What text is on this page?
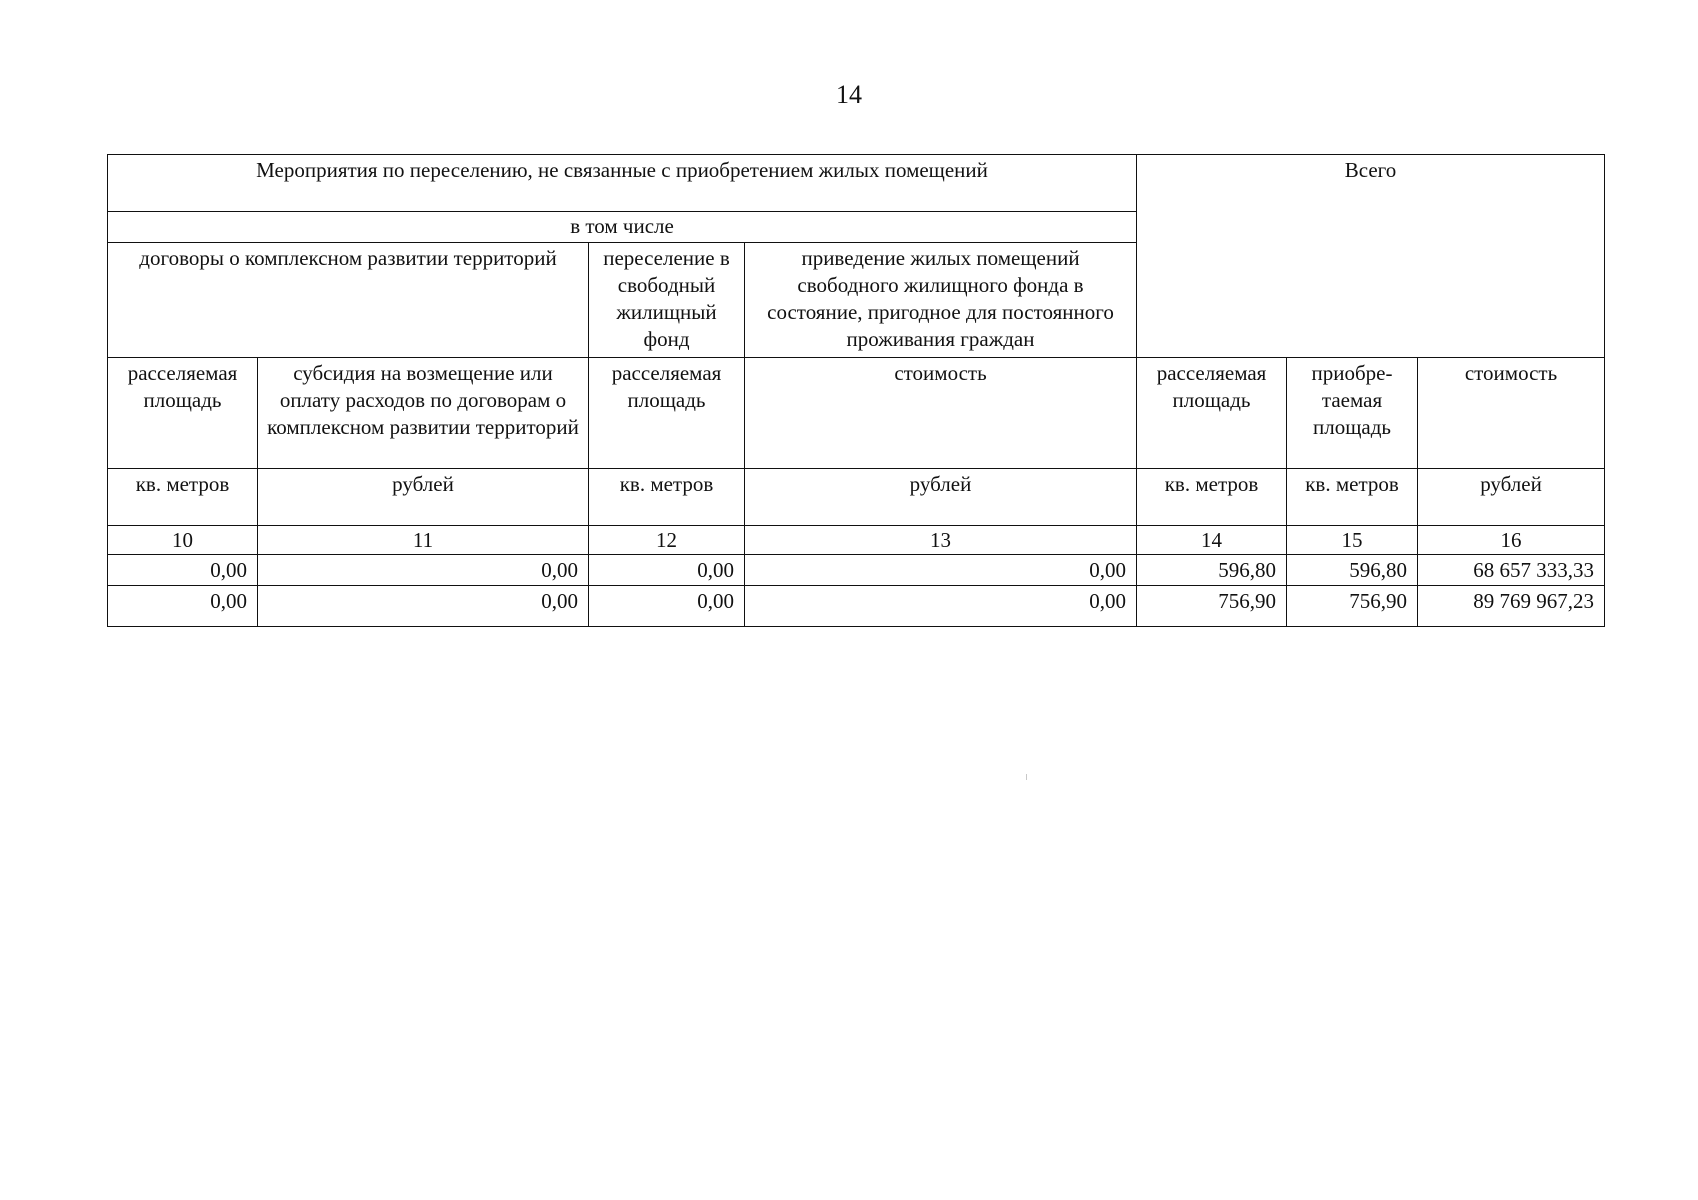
14
Мероприятия по переселению, не связанные с приобретением жилых помещений				Всего		
в том числе						
договоры о комплексном развитии территорий		переселение в свободный жилищный фонд	приведение жилых помещений свободного жилищного фонда в состояние, пригодное для постоянного проживания граждан			
расселяемая площадь	субсидия на возмещение или оплату расходов по договорам о комплексном развитии территорий	расселяемая площадь	стоимость	расселяемая площадь	приобре-таемая площадь	стоимость
кв. метров	рублей	кв. метров	рублей	кв. метров	кв. метров	рублей
10	11	12	13	14	15	16
0,00	0,00	0,00	0,00	596,80	596,80	68 657 333,33
0,00	0,00	0,00	0,00	756,90	756,90	89 769 967,23
